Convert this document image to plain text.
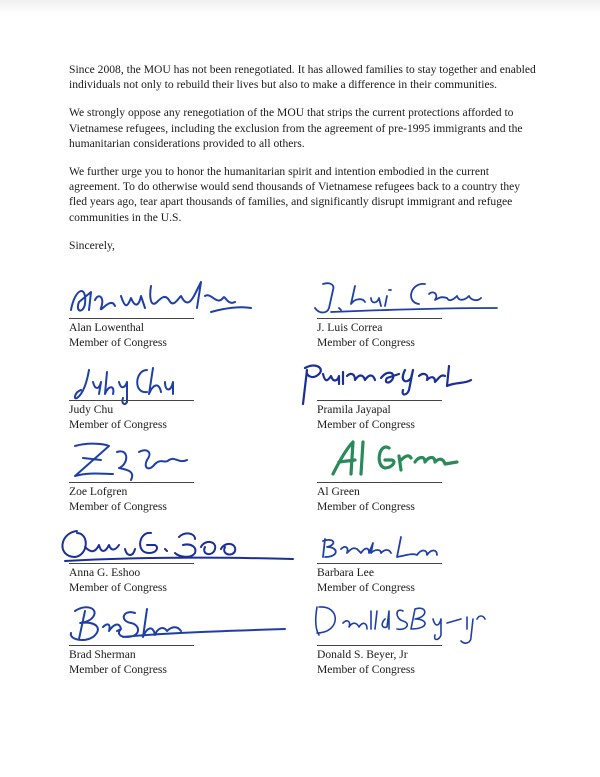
Since 2008, the MOU has not been renegotiated. It has allowed families to stay together and enabled individuals not only to rebuild their lives but also to make a difference in their communities.

We strongly oppose any renegotiation of the MOU that strips the current protections afforded to Vietnamese refugees, including the exclusion from the agreement of pre-1995 immigrants and the humanitarian considerations provided to all others.

We further urge you to honor the humanitarian spirit and intention embodied in the current agreement. To do otherwise would send thousands of Vietnamese refugees back to a country they fled years ago, tear apart thousands of families, and significantly disrupt immigrant and refugee communities in the U.S.

Sincerely,

Alan Lowenthal
Member of Congress
Judy Chu
Member of Congress
Zoe Lofgren
Member of Congress
Anna G. Eshoo
Member of Congress
Brad Sherman
Member of Congress
J. Luis Correa
Member of Congress
Pramila Jayapal
Member of Congress
Al Green
Member of Congress
Barbara Lee
Member of Congress
Donald S. Beyer, Jr
Member of Congress
